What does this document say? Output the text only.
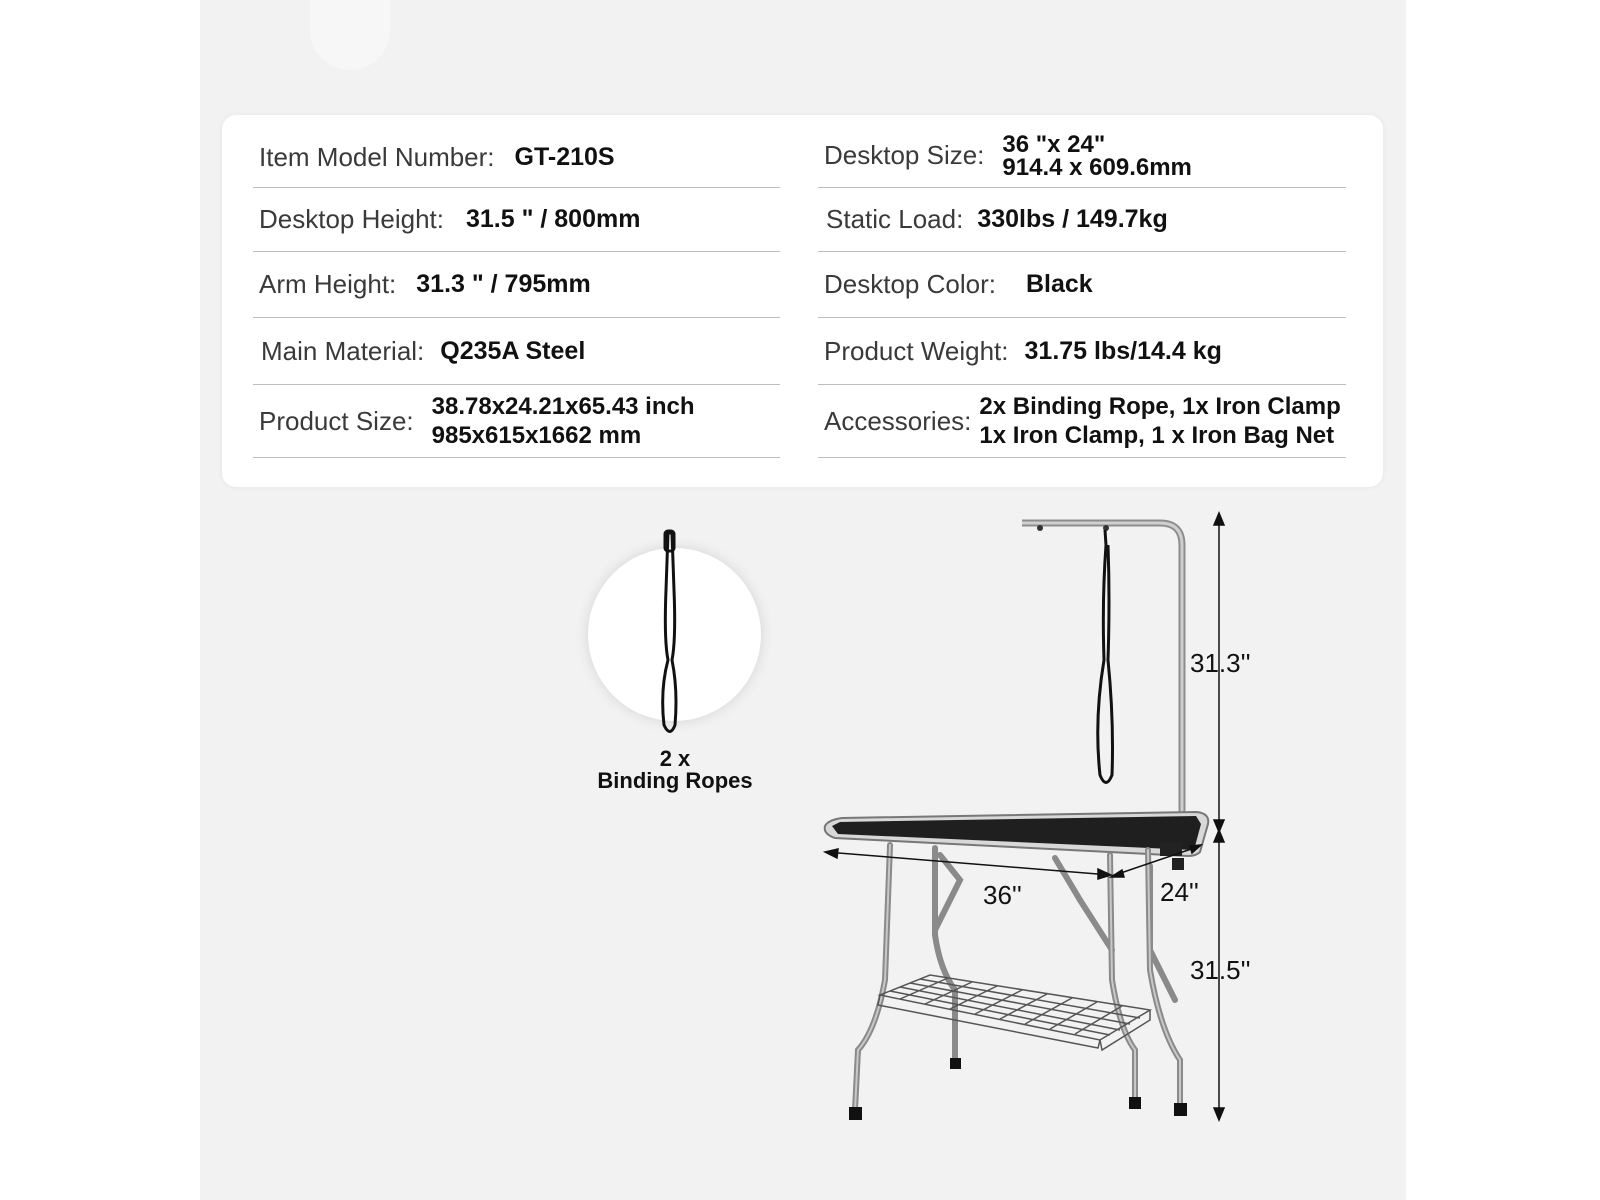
Item Model Number: GT-210S
Desktop Height: 31.5 " / 800mm
Arm Height: 31.3 " / 795mm
Main Material: Q235A Steel
Product Size: 38.78x24.21x65.43 inch
985x615x1662 mm
Desktop Size: 36 "x 24"
914.4 x 609.6mm
Static Load: 330lbs / 149.7kg
Desktop Color: Black
Product Weight: 31.75 lbs/14.4 kg
Accessories: 2x Binding Rope, 1x Iron Clamp
1x Iron Clamp, 1 x Iron Bag Net
2 x
Binding Ropes
31.3''
31.5''
36''	24''
